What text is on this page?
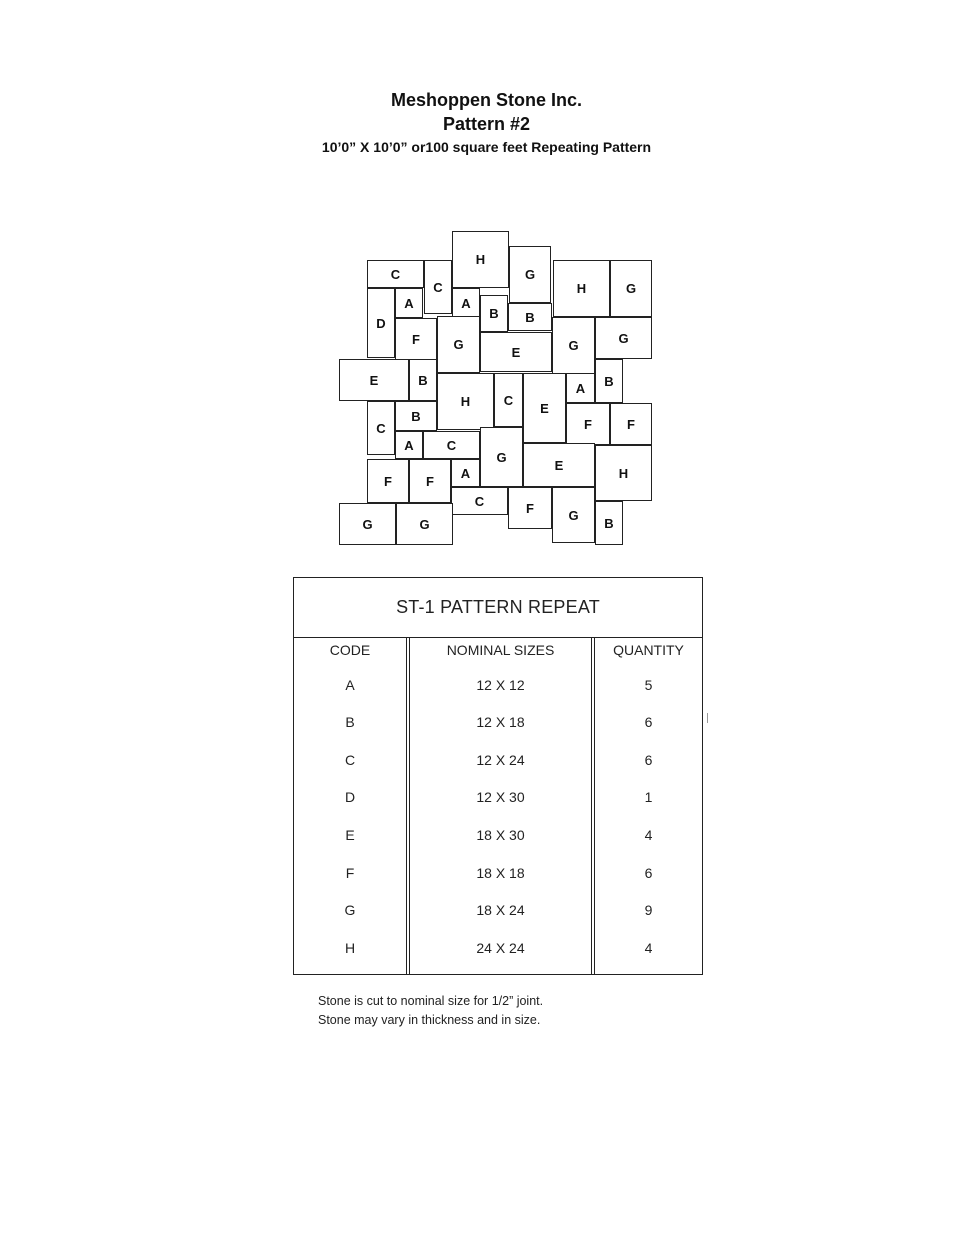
Meshoppen Stone Inc.
Pattern #2
10’0” X 10’0” or100 square feet Repeating Pattern
C
C
H
G
H	G
D
A	A
B	B
F	G	E	G	G
E	B
H	C
E
A	B
C
B
F	F
A	C
G
E
H
F	F
A
C	F
G	G
G
B
ST-1 PATTERN REPEAT
CODE	NOMINAL SIZES	QUANTITY
A	12 X 12	5
B	12 X 18	6
C	12 X 24	6
D	12 X 30	1
E	18 X 30	4
F	18 X 18	6
G	18 X 24	9
H	24 X 24	4
Stone is cut to nominal size for 1/2” joint.
Stone may vary in thickness and in size.
